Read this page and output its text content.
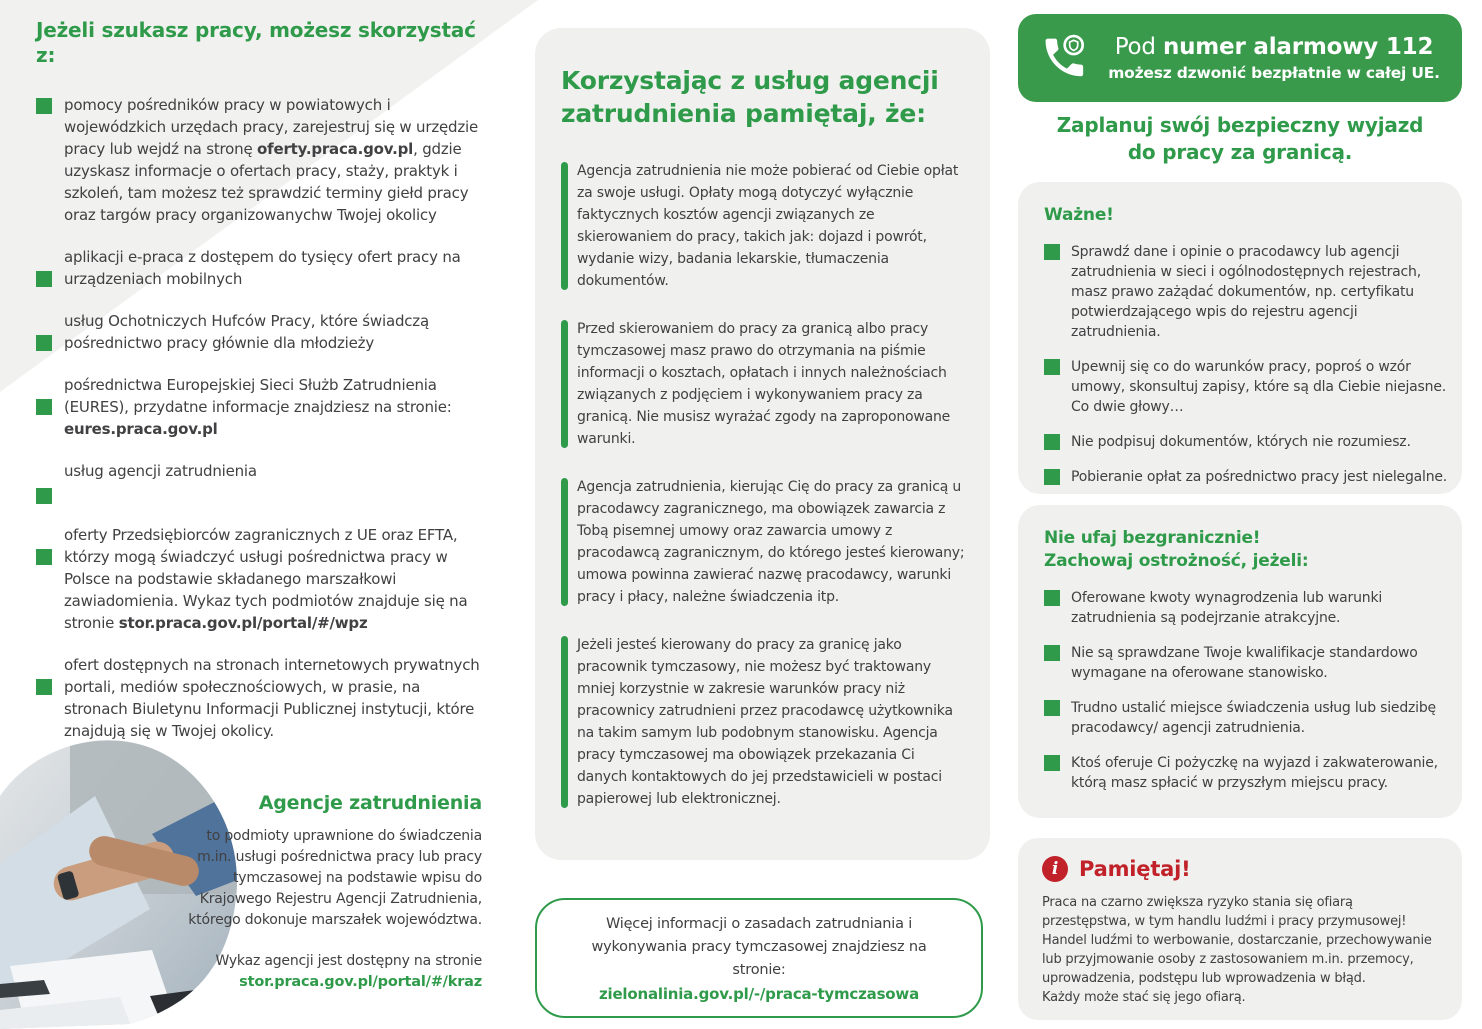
Jeżeli szukasz pracy, możesz skorzystać z:

pomocy pośredników pracy w powiatowych i wojewódzkich urzędach pracy, zarejestruj się w urzędzie pracy lub wejdź na stronę oferty.praca.gov.pl, gdzie uzyskasz informacje o ofertach pracy, staży, praktyk i szkoleń, tam możesz też sprawdzić terminy giełd pracy oraz targów pracy organizowanychw Twojej okolicy

aplikacji e-praca z dostępem do tysięcy ofert pracy na urządzeniach mobilnych

usług Ochotniczych Hufców Pracy, które świadczą pośrednictwo pracy głównie dla młodzieży

pośrednictwa Europejskiej Sieci Służb Zatrudnienia (EURES), przydatne informacje znajdziesz na stronie: eures.praca.gov.pl

usług agencji zatrudnienia

oferty Przedsiębiorców zagranicznych z UE oraz EFTA, którzy mogą świadczyć usługi pośrednictwa pracy w Polsce na podstawie składanego marszałkowi zawiadomienia. Wykaz tych podmiotów znajduje się na stronie stor.praca.gov.pl/portal/#/wpz

ofert dostępnych na stronach internetowych prywatnych portali, mediów społecznościowych, w prasie, na stronach Biuletynu Informacji Publicznej instytucji, które znajdują się w Twojej okolicy.

Agencje zatrudnienia

to podmioty uprawnione do świadczenia m.in. usługi pośrednictwa pracy lub pracy tymczasowej na podstawie wpisu do Krajowego Rejestru Agencji Zatrudnienia, którego dokonuje marszałek województwa.

Wykaz agencji jest dostępny na stronie

stor.praca.gov.pl/portal/#/kraz
Korzystając z usług agencji zatrudnienia pamiętaj, że:

Agencja zatrudnienia nie może pobierać od Ciebie opłat za swoje usługi. Opłaty mogą dotyczyć wyłącznie faktycznych kosztów agencji związanych ze skierowaniem do pracy, takich jak: dojazd i powrót, wydanie wizy, badania lekarskie, tłumaczenia dokumentów.

Przed skierowaniem do pracy za granicą albo pracy tymczasowej masz prawo do otrzymania na piśmie informacji o kosztach, opłatach i innych należnościach związanych z podjęciem i wykonywaniem pracy za granicą. Nie musisz wyrażać zgody na zaproponowane warunki.

Agencja zatrudnienia, kierując Cię do pracy za granicą u pracodawcy zagranicznego, ma obowiązek zawarcia z Tobą pisemnej umowy oraz zawarcia umowy z pracodawcą zagranicznym, do którego jesteś kierowany; umowa powinna zawierać nazwę pracodawcy, warunki pracy i płacy, należne świadczenia itp.

Jeżeli jesteś kierowany do pracy za granicę jako pracownik tymczasowy, nie możesz być traktowany mniej korzystnie w zakresie warunków pracy niż pracownicy zatrudnieni przez pracodawcę użytkownika na takim samym lub podobnym stanowisku. Agencja pracy tymczasowej ma obowiązek przekazania Ci danych kontaktowych do jej przedstawicieli w postaci papierowej lub elektronicznej.

Więcej informacji o zasadach zatrudniania i wykonywania pracy tymczasowej znajdziesz na stronie:

zielonalinia.gov.pl/-/praca-tymczasowa
Pod numer alarmowy 112
możesz dzwonić bezpłatnie w całej UE.
Zaplanuj swój bezpieczny wyjazd do pracy za granicą.
Ważne!

Sprawdź dane i opinie o pracodawcy lub agencji zatrudnienia w sieci i ogólnodostępnych rejestrach, masz prawo zażądać dokumentów, np. certyfikatu potwierdzającego wpis do rejestru agencji zatrudnienia.

Upewnij się co do warunków pracy, poproś o wzór umowy, skonsultuj zapisy, które są dla Ciebie niejasne. Co dwie głowy…

Nie podpisuj dokumentów, których nie rozumiesz.

Pobieranie opłat za pośrednictwo pracy jest nielegalne.

Nie ufaj bezgranicznie!
Zachowaj ostrożność, jeżeli:

Oferowane kwoty wynagrodzenia lub warunki zatrudnienia są podejrzanie atrakcyjne.

Nie są sprawdzane Twoje kwalifikacje standardowo wymagane na oferowane stanowisko.

Trudno ustalić miejsce świadczenia usług lub siedzibę pracodawcy/ agencji zatrudnienia.

Ktoś oferuje Ci pożyczkę na wyjazd i zakwaterowanie, którą masz spłacić w przyszłym miejscu pracy.

i Pamiętaj!
Praca na czarno zwiększa ryzyko stania się ofiarą przestępstwa, w tym handlu ludźmi i pracy przymusowej! Handel ludźmi to werbowanie, dostarczanie, przechowywanie lub przyjmowanie osoby z zastosowaniem m.in. przemocy, uprowadzenia, podstępu lub wprowadzenia w błąd.
Każdy może stać się jego ofiarą.
